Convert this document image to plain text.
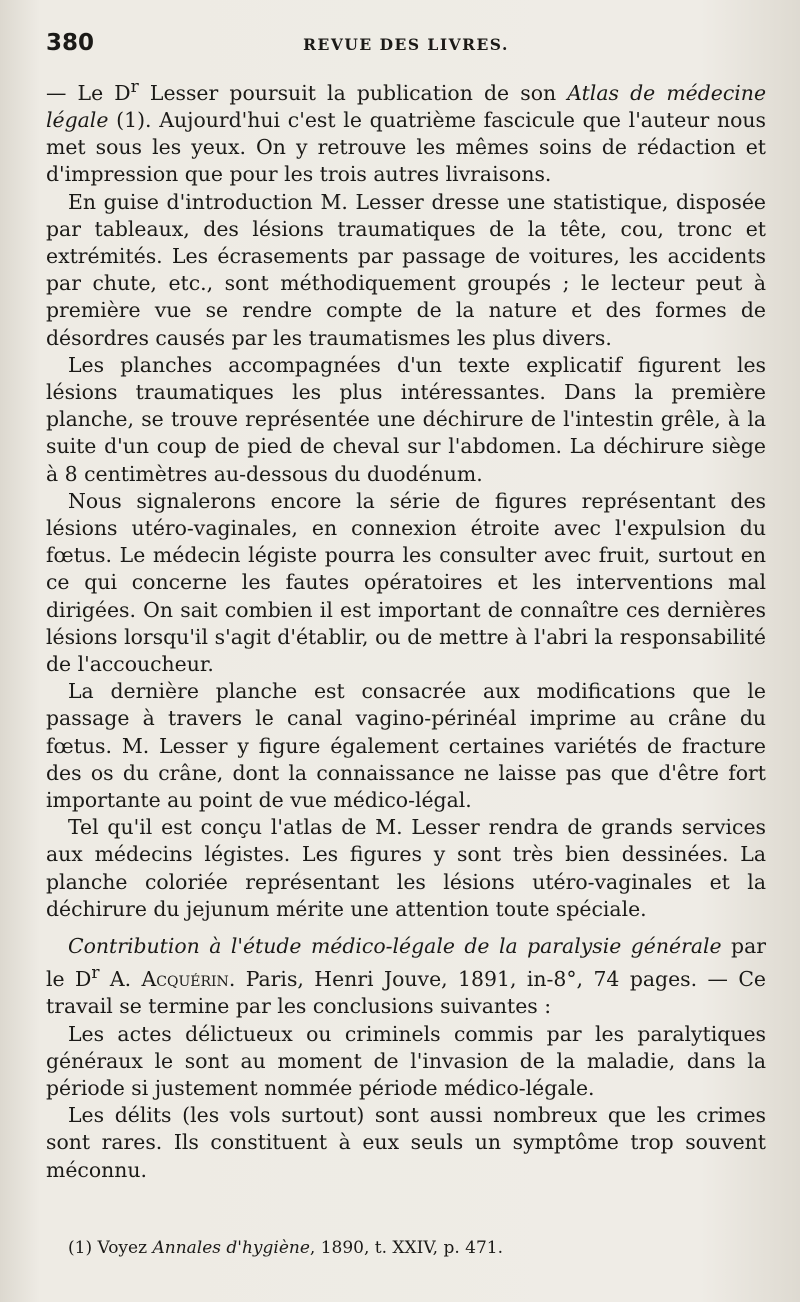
380	REVUE DES LIVRES.

— Le $D^r$ Lesser poursuit la publication de son Atlas de médecine légale (1). Aujourd'hui c'est le quatrième fascicule que l'auteur nous met sous les yeux. On y retrouve les mêmes soins de rédaction et d'impression que pour les trois autres livraisons.

En guise d'introduction M. Lesser dresse une statistique, disposée par tableaux, des lésions traumatiques de la tête, cou, tronc et extrémités. Les écrasements par passage de voitures, les accidents par chute, etc., sont méthodiquement groupés ; le lecteur peut à première vue se rendre compte de la nature et des formes de désordres causés par les traumatismes les plus divers.

Les planches accompagnées d'un texte explicatif figurent les lésions traumatiques les plus intéressantes. Dans la première planche, se trouve représentée une déchirure de l'intestin grêle, à la suite d'un coup de pied de cheval sur l'abdomen. La déchirure siège à 8 centimètres au-dessous du duodénum.

Nous signalerons encore la série de figures représentant des lésions utéro-vaginales, en connexion étroite avec l'expulsion du fœtus. Le médecin légiste pourra les consulter avec fruit, surtout en ce qui concerne les fautes opératoires et les interventions mal dirigées. On sait combien il est important de connaître ces dernières lésions lorsqu'il s'agit d'établir, ou de mettre à l'abri la responsabilité de l'accoucheur.

La dernière planche est consacrée aux modifications que le passage à travers le canal vagino-périnéal imprime au crâne du fœtus. M. Lesser y figure également certaines variétés de fracture des os du crâne, dont la connaissance ne laisse pas que d'être fort importante au point de vue médico-légal.

Tel qu'il est conçu l'atlas de M. Lesser rendra de grands services aux médecins légistes. Les figures y sont très bien dessinées. La planche coloriée représentant les lésions utéro-vaginales et la déchirure du jejunum mérite une attention toute spéciale.

Contribution à l'étude médico-légale de la paralysie générale par le $D^r$ A. Acquérin. Paris, Henri Jouve, 1891, in-8°, 74 pages. — Ce travail se termine par les conclusions suivantes :

Les actes délictueux ou criminels commis par les paralytiques généraux le sont au moment de l'invasion de la maladie, dans la période si justement nommée période médico-légale.

Les délits (les vols surtout) sont aussi nombreux que les crimes sont rares. Ils constituent à eux seuls un symptôme trop souvent méconnu.

(1) Voyez Annales d'hygiène, 1890, t. XXIV, p. 471.
